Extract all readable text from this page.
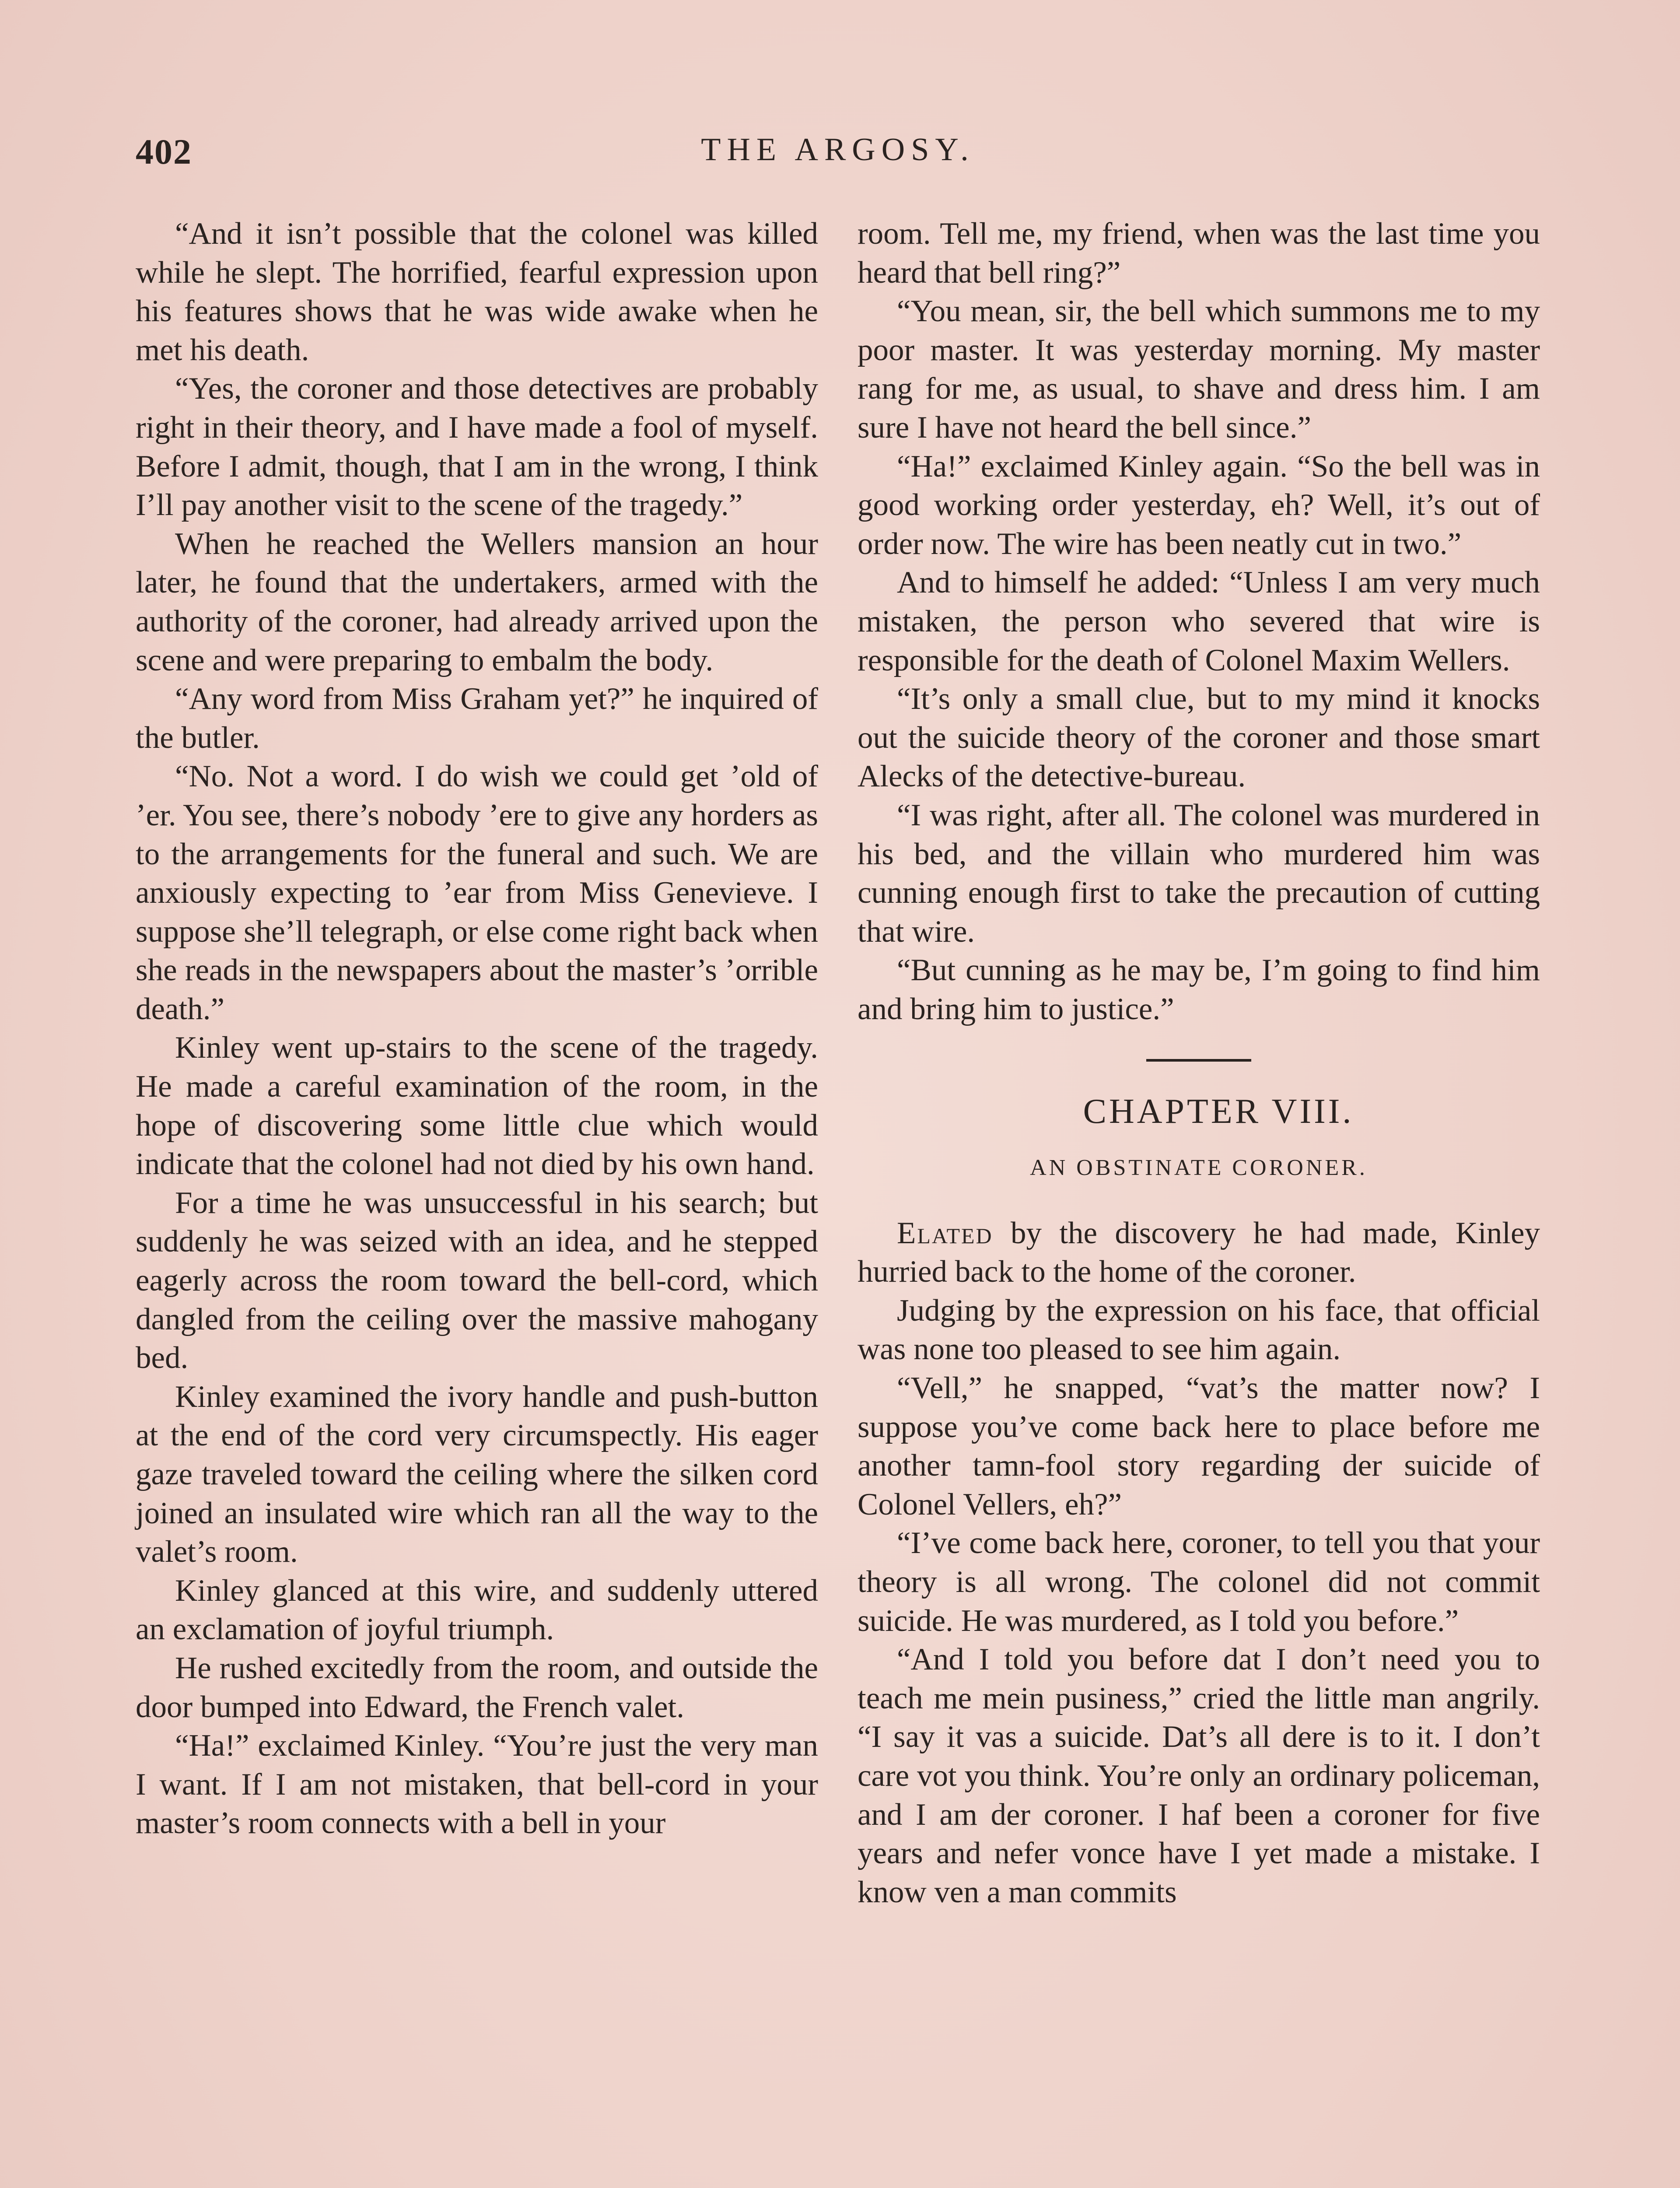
402	THE ARGOSY.

“And it isn’t possible that the colonel was killed while he slept. The horrified, fearful expression upon his features shows that he was wide awake when he met his death.

“Yes, the coroner and those detectives are probably right in their theory, and I have made a fool of myself. Before I admit, though, that I am in the wrong, I think I’ll pay another visit to the scene of the tragedy.”

When he reached the Wellers mansion an hour later, he found that the undertakers, armed with the authority of the coroner, had already arrived upon the scene and were preparing to embalm the body.

“Any word from Miss Graham yet?” he inquired of the butler.

“No. Not a word. I do wish we could get ’old of ’er. You see, there’s nobody ’ere to give any horders as to the arrangements for the funeral and such. We are anxiously expecting to ’ear from Miss Genevieve. I suppose she’ll telegraph, or else come right back when she reads in the newspapers about the master’s ’orrible death.”

Kinley went up-stairs to the scene of the tragedy. He made a careful examination of the room, in the hope of discovering some little clue which would indicate that the colonel had not died by his own hand.

For a time he was unsuccessful in his search; but suddenly he was seized with an idea, and he stepped eagerly across the room toward the bell-cord, which dangled from the ceiling over the massive mahogany bed.

Kinley examined the ivory handle and push-button at the end of the cord very circumspectly. His eager gaze traveled toward the ceiling where the silken cord joined an insulated wire which ran all the way to the valet’s room.

Kinley glanced at this wire, and suddenly uttered an exclamation of joyful triumph.

He rushed excitedly from the room, and outside the door bumped into Edward, the French valet.

“Ha!” exclaimed Kinley. “You’re just the very man I want. If I am not mistaken, that bell-cord in your master’s room connects with a bell in your

room. Tell me, my friend, when was the last time you heard that bell ring?”

“You mean, sir, the bell which summons me to my poor master. It was yesterday morning. My master rang for me, as usual, to shave and dress him. I am sure I have not heard the bell since.”

“Ha!” exclaimed Kinley again. “So the bell was in good working order yesterday, eh? Well, it’s out of order now. The wire has been neatly cut in two.”

And to himself he added: “Unless I am very much mistaken, the person who severed that wire is responsible for the death of Colonel Maxim Wellers.

“It’s only a small clue, but to my mind it knocks out the suicide theory of the coroner and those smart Alecks of the detective-bureau.

“I was right, after all. The colonel was murdered in his bed, and the villain who murdered him was cunning enough first to take the precaution of cutting that wire.

“But cunning as he may be, I’m going to find him and bring him to justice.”

CHAPTER VIII.

AN OBSTINATE CORONER.

Elated by the discovery he had made, Kinley hurried back to the home of the coroner.

Judging by the expression on his face, that official was none too pleased to see him again.

“Vell,” he snapped, “vat’s the matter now? I suppose you’ve come back here to place before me another tamn-fool story regarding der suicide of Colonel Vellers, eh?”

“I’ve come back here, coroner, to tell you that your theory is all wrong. The colonel did not commit suicide. He was murdered, as I told you before.”

“And I told you before dat I don’t need you to teach me mein pusiness,” cried the little man angrily. “I say it vas a suicide. Dat’s all dere is to it. I don’t care vot you think. You’re only an ordinary policeman, and I am der coroner. I haf been a coroner for five years and nefer vonce have I yet made a mistake. I know ven a man commits
